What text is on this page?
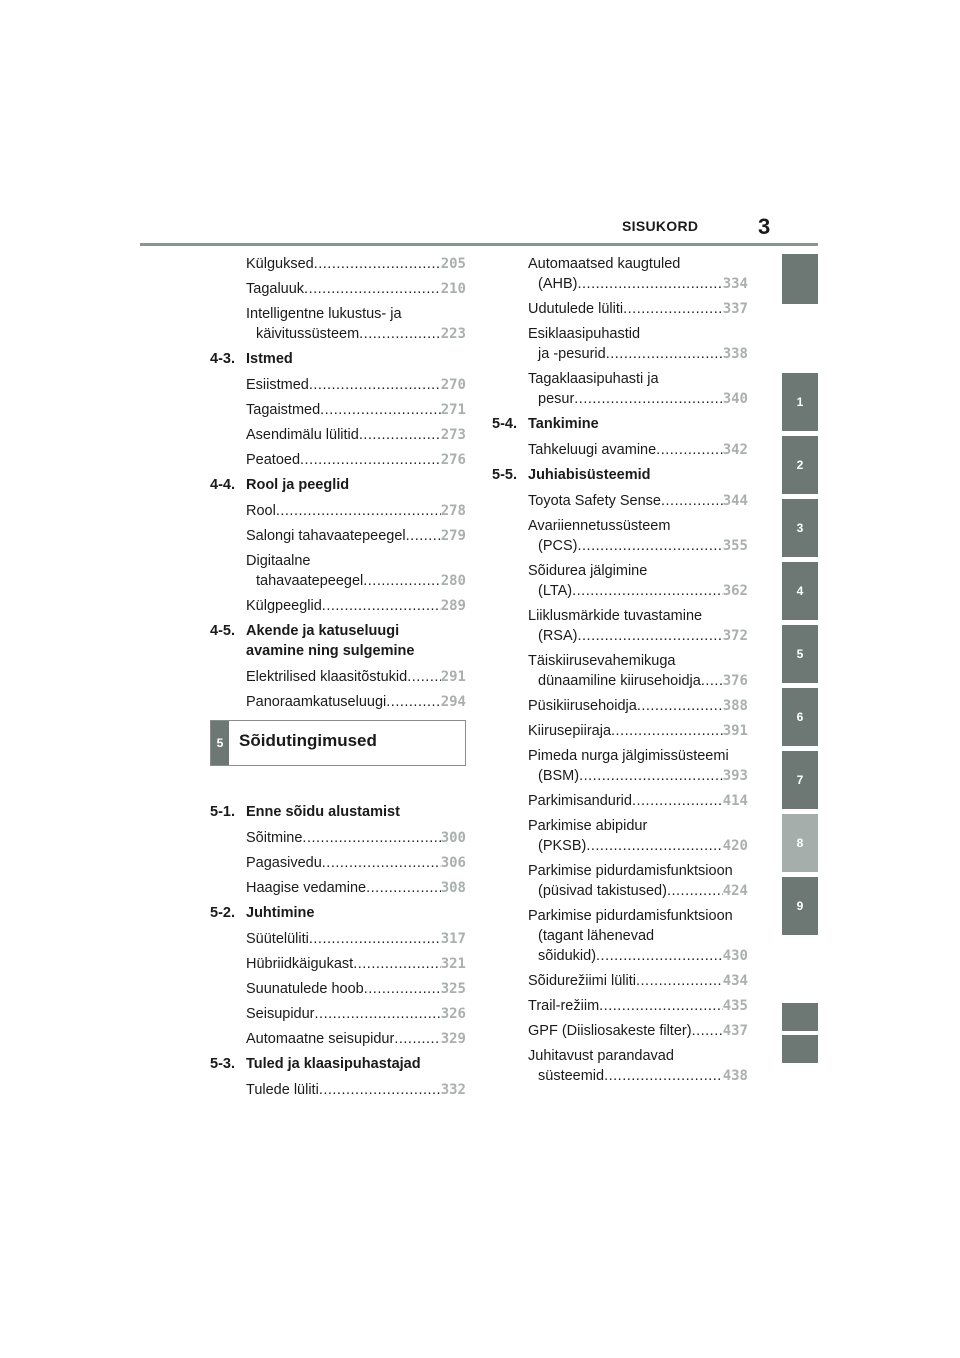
SISUKORD	3
Külguksed .....	205
Tagaluuk .....	210
Intelligentne lukustus- ja
käivitussüsteem .....	223
4-3. Istmed
Esiistmed .....	270
Tagaistmed .....	271
Asendimälu lülitid .....	273
Peatoed .....	276
4-4. Rool ja peeglid
Rool .....	278
Salongi tahavaatepeegel .....	279
Digitaalne
tahavaatepeegel .....	280
Külgpeeglid .....	289
4-5. Akende ja katuseluugi
avamine ning sulgemine
Elektrilised klaasitõstukid ..... 291
Panoraamkatuseluugi .....	294
5 Sõidutingimused
5-1. Enne sõidu alustamist
Sõitmine .....	300
Pagasivedu .....	306
Haagise vedamine .....	308
5-2. Juhtimine
Süütelüliti .....	317
Hübriidkäigukast .....	321
Suunatulede hoob .....	325
Seisupidur .....	326
Automaatne seisupidur .....	329
5-3. Tuled ja klaasipuhastajad
Tulede lüliti .....	332
Automaatsed kaugtuled
(AHB) .....	334
Udutulede lüliti .....	337
Esiklaasipuhastid
ja -pesurid .....	338
Tagaklaasipuhasti ja
pesur .....	340
5-4. Tankimine
Tahkeluugi avamine .....	342
5-5. Juhiabisüsteemid
Toyota Safety Sense .....	344
Avariiennetussüsteem
(PCS) .....	355
Sõidurea jälgimine
(LTA) .....	362
Liiklusmärkide tuvastamine
(RSA) .....	372
Täiskiirusevahemikuga
dünaamiline kiirusehoidja ..... 376
Püsikiirusehoidja .....	388
Kiirusepiiraja .....	391
Pimeda nurga jälgimissüsteemi
(BSM) .....	393
Parkimisandurid .....	414
Parkimise abipidur
(PKSB) .....	420
Parkimise pidurdamisfunktsioon
(püsivad takistused) .....	424
Parkimise pidurdamisfunktsioon
(tagant lähenevad
sõidukid) .....	430
Sõidurežiimi lüliti .....	434
Trail-režiim .....	435
GPF (Diisliosakeste filter) ..... 437
Juhitavust parandavad
süsteemid .....	438
1
2
3
4
5
6
7
8
9
